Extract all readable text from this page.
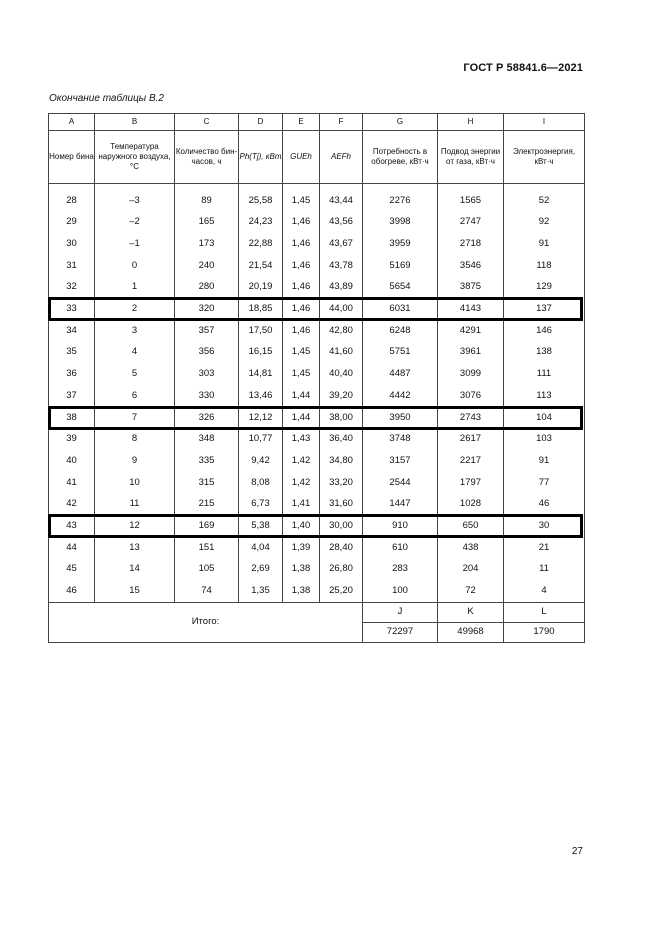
ГОСТ Р 58841.6—2021
Окончание таблицы В.2
A	B	C	D	E	F	G	H	I
Номер бина	Температура наружного воздуха, °С	Количество бин-часов, ч	Ph(Tj), кВт	GUEh	AEFh	Потребность в обогреве, кВт·ч	Подвод энергии от газа, кВт·ч	Электроэнергия, кВт·ч

28	–3	89	25,58	1,45	43,44	2276	1565	52
29	–2	165	24,23	1,46	43,56	3998	2747	92
30	–1	173	22,88	1,46	43,67	3959	2718	91
31	0	240	21,54	1,46	43,78	5169	3546	118
32	1	280	20,19	1,46	43,89	5654	3875	129
33	2	320	18,85	1,46	44,00	6031	4143	137
34	3	357	17,50	1,46	42,80	6248	4291	146
35	4	356	16,15	1,45	41,60	5751	3961	138
36	5	303	14,81	1,45	40,40	4487	3099	111
37	6	330	13,46	1,44	39,20	4442	3076	113
38	7	326	12,12	1,44	38,00	3950	2743	104
39	8	348	10,77	1,43	36,40	3748	2617	103
40	9	335	9,42	1,42	34,80	3157	2217	91
41	10	315	8,08	1,42	33,20	2544	1797	77
42	11	215	6,73	1,41	31,60	1447	1028	46
43	12	169	5,38	1,40	30,00	910	650	30
44	13	151	4,04	1,39	28,40	610	438	21
45	14	105	2,69	1,38	26,80	283	204	11
46	15	74	1,35	1,38	25,20	100	72	4
Итого:						J	K	L
						72297	49968	1790
27
